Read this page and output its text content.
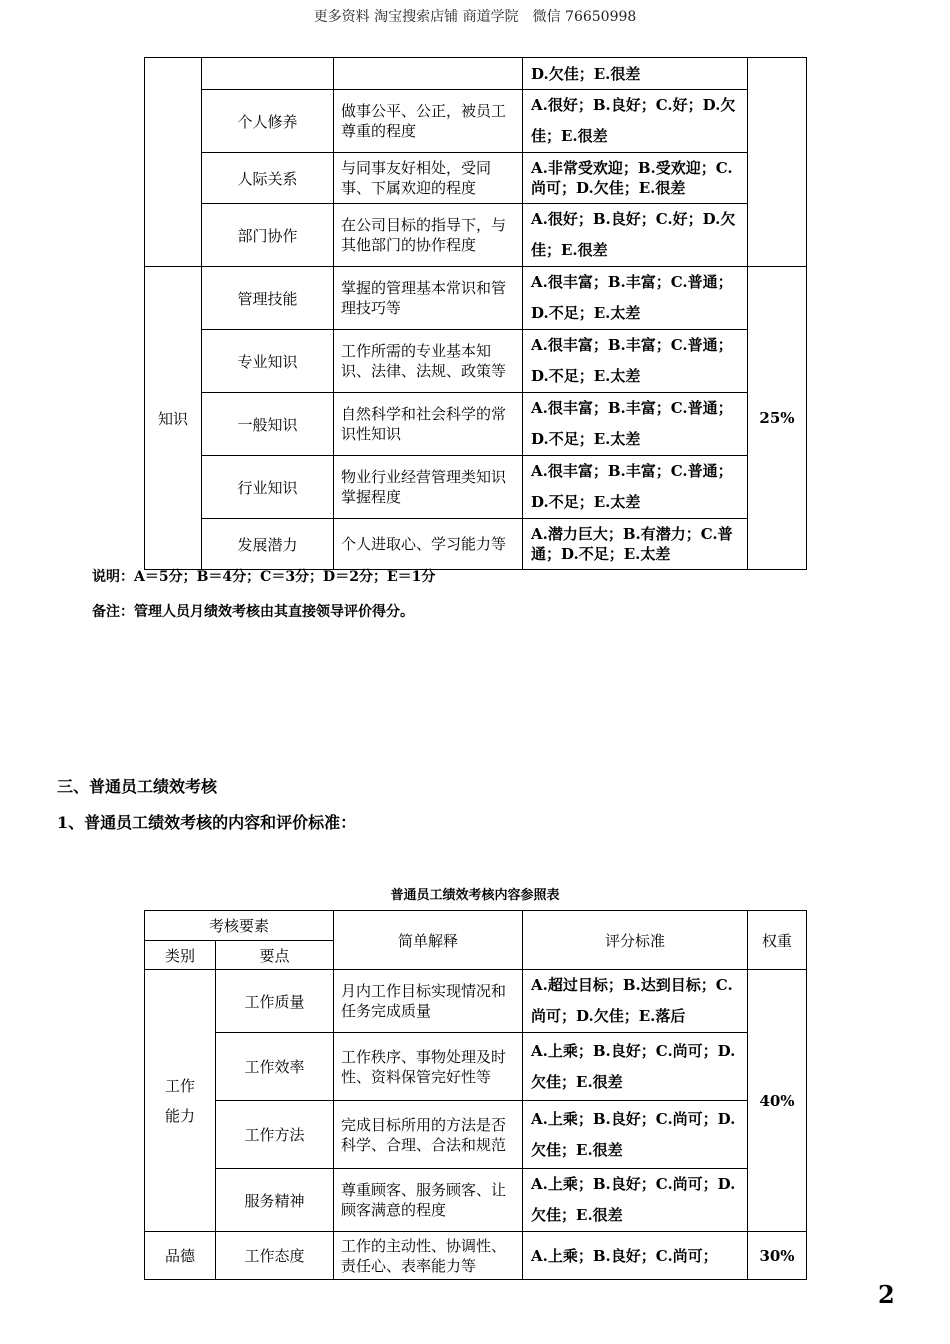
更多资料 淘宝搜索店铺 商道学院　微信 76650998
			D.欠佳；E.很差	
	个人修养	做事公平、公正，被员工尊重的程度	A.很好；B.良好；C.好；D.欠佳；E.很差	
	人际关系	与同事友好相处，受同事、下属欢迎的程度	A.非常受欢迎；B.受欢迎；C.尚可；D.欠佳；E.很差	
	部门协作	在公司目标的指导下，与其他部门的协作程度	A.很好；B.良好；C.好；D.欠佳；E.很差	
知识	管理技能	掌握的管理基本常识和管理技巧等	A.很丰富；B.丰富；C.普通；D.不足；E.太差	25%
	专业知识	工作所需的专业基本知识、法律、法规、政策等	A.很丰富；B.丰富；C.普通；D.不足；E.太差	
	一般知识	自然科学和社会科学的常识性知识	A.很丰富；B.丰富；C.普通；D.不足；E.太差	
	行业知识	物业行业经营管理类知识掌握程度	A.很丰富；B.丰富；C.普通；D.不足；E.太差	
	发展潜力	个人进取心、学习能力等	A.潜力巨大；B.有潜力；C.普通；D.不足；E.太差	
说明：A＝5分；B＝4分；C＝3分；D＝2分；E＝1分
备注：管理人员月绩效考核由其直接领导评价得分。
三、普通员工绩效考核
1、普通员工绩效考核的内容和评价标准：
普通员工绩效考核内容参照表
考核要素		简单解释	评分标准	权重
类别	要点			

工作
能力	工作质量	月内工作目标实现情况和任务完成质量	A.超过目标；B.达到目标；C.尚可；D.欠佳；E.落后	40%
	工作效率	工作秩序、事物处理及时性、资料保管完好性等	A.上乘；B.良好；C.尚可；D.欠佳；E.很差	
	工作方法	完成目标所用的方法是否科学、合理、合法和规范	A.上乘；B.良好；C.尚可；D.欠佳；E.很差	
	服务精神	尊重顾客、服务顾客、让顾客满意的程度	A.上乘；B.良好；C.尚可；D.欠佳；E.很差	
品德	工作态度	工作的主动性、协调性、责任心、表率能力等	A.上乘；B.良好；C.尚可；	30%
2
